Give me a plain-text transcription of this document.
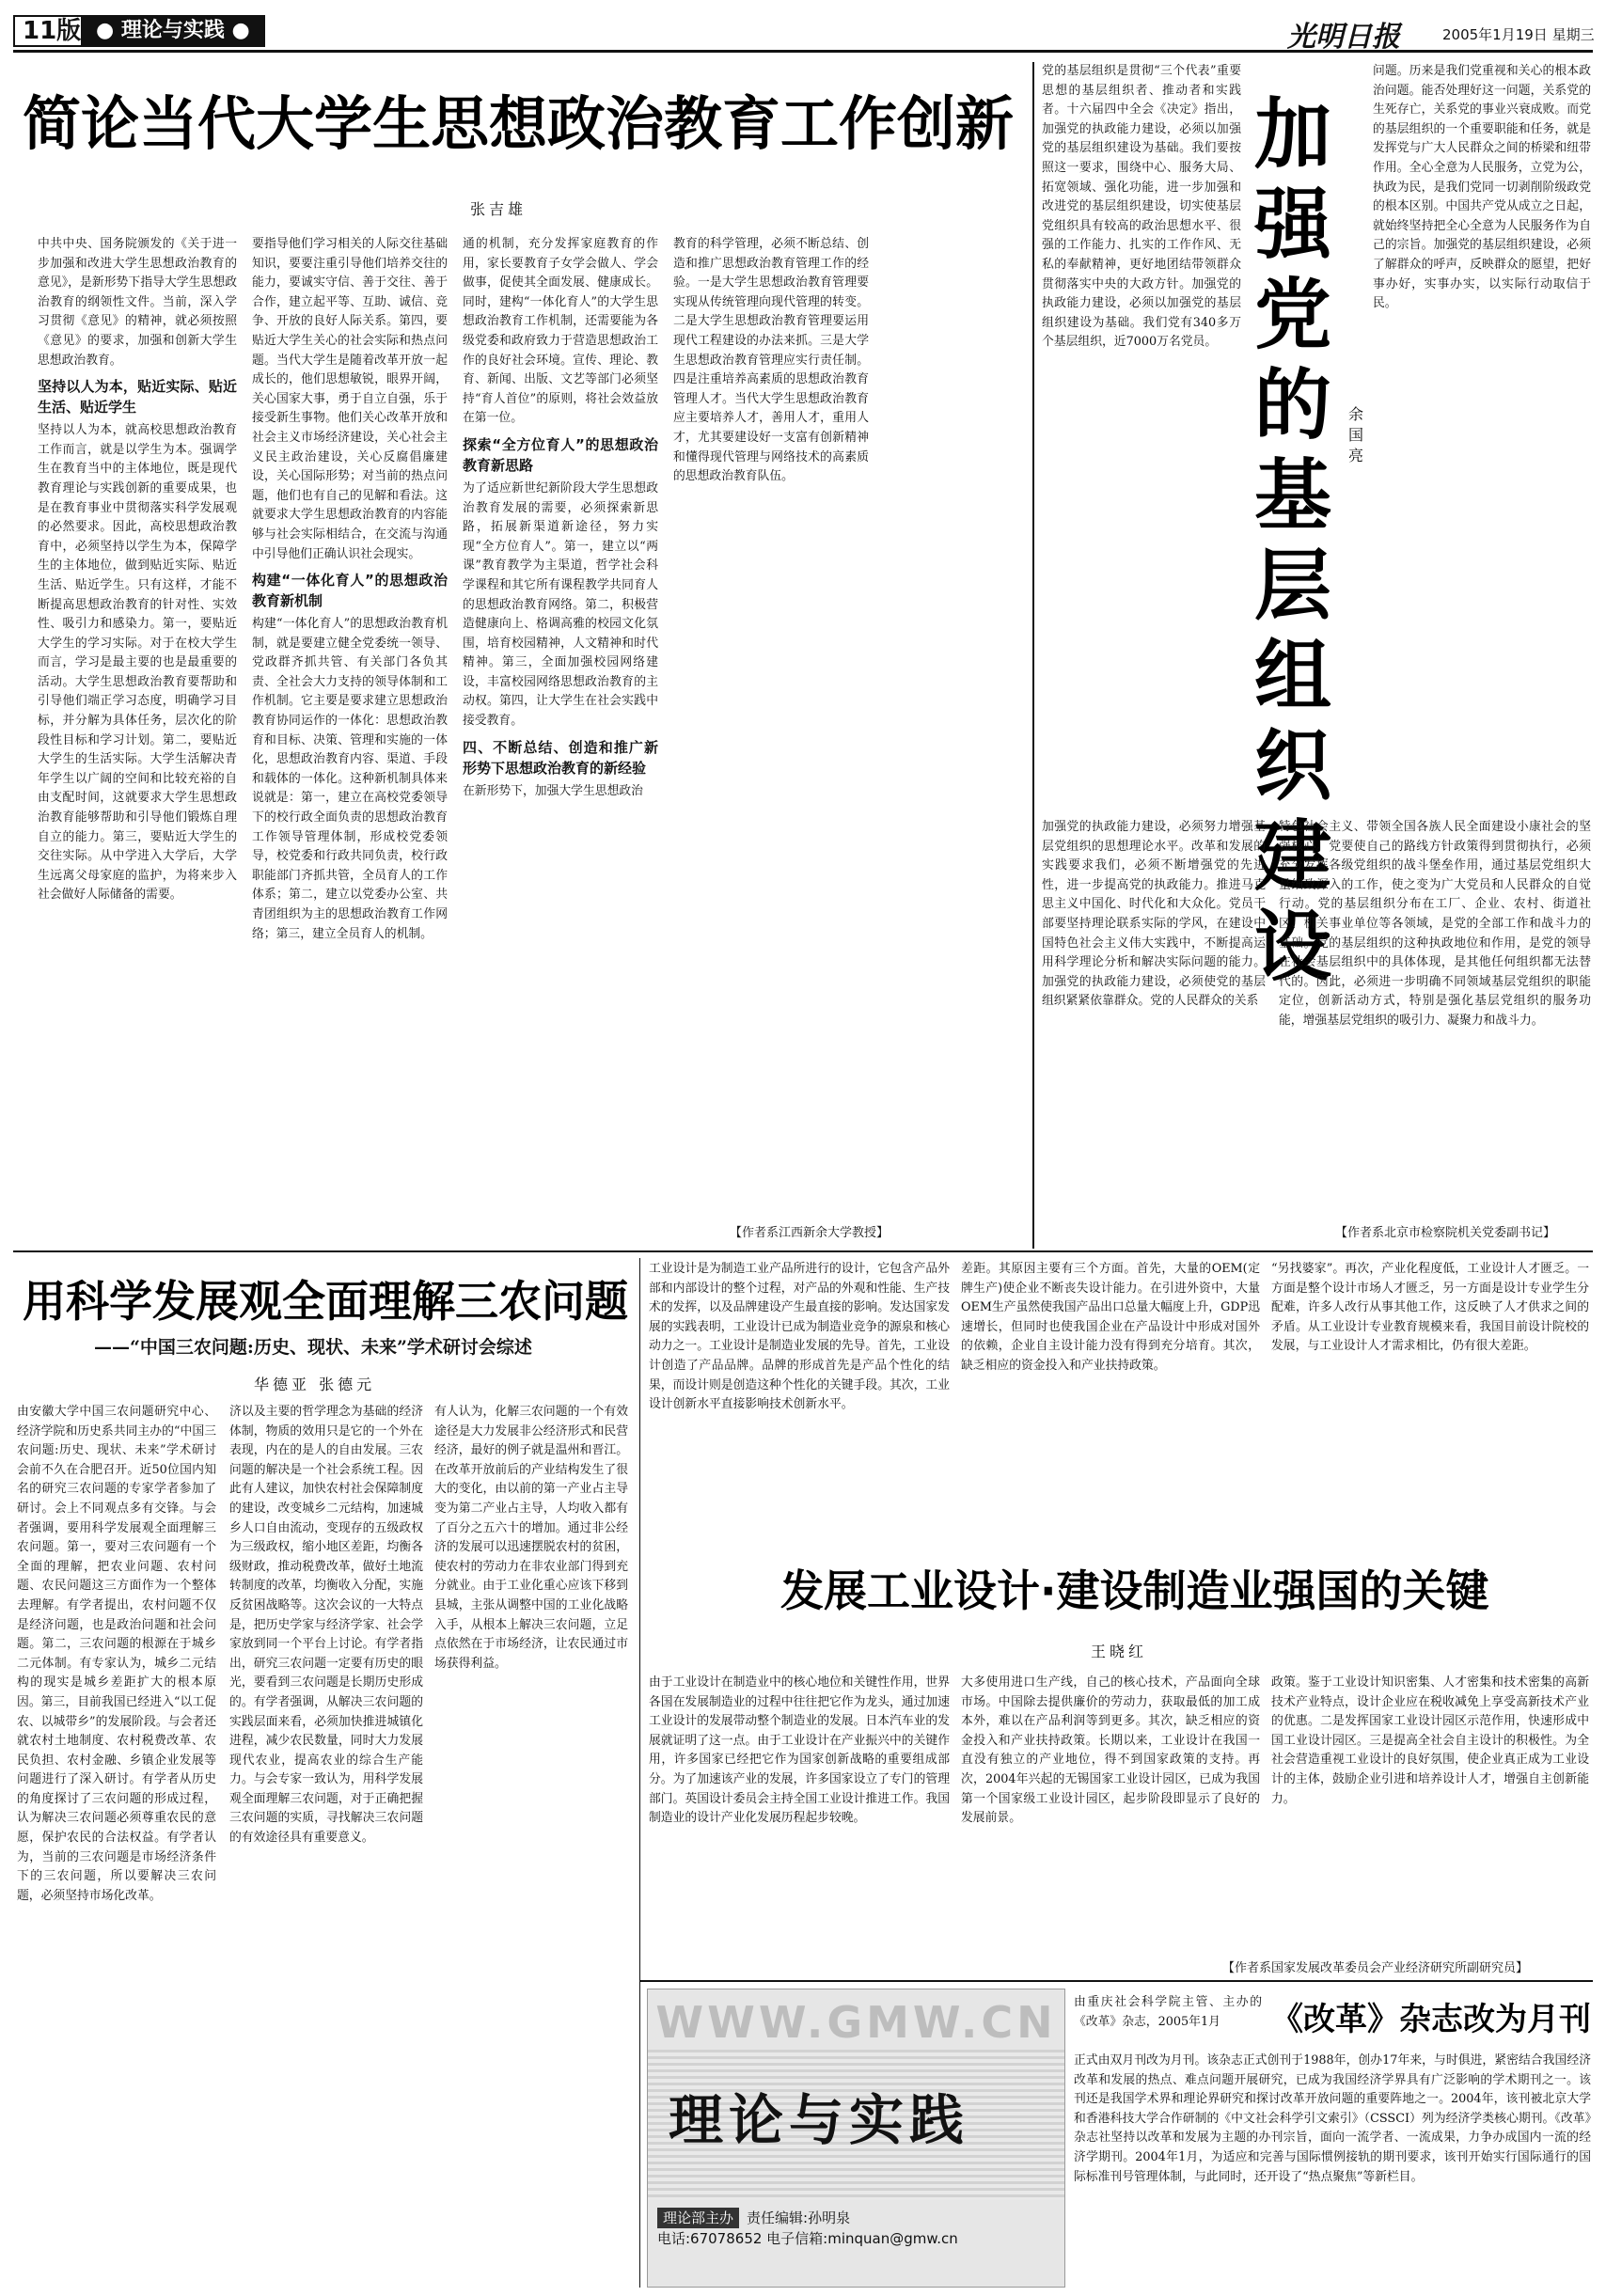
11版 ● 理论与实践 ●	光明日报	2005年1月19日 星期三
简论当代大学生思想政治教育工作创新
张吉雄

中共中央、国务院颁发的《关于进一步加强和改进大学生思想政治教育的意见》，是新形势下指导大学生思想政治教育的纲领性文件。当前，深入学习贯彻《意见》的精神，就必须按照《意见》的要求，加强和创新大学生思想政治教育。

坚持以人为本，贴近实际、贴近生活、贴近学生

坚持以人为本，就高校思想政治教育工作而言，就是以学生为本。强调学生在教育当中的主体地位，既是现代教育理论与实践创新的重要成果，也是在教育事业中贯彻落实科学发展观的必然要求。因此，高校思想政治教育中，必须坚持以学生为本，保障学生的主体地位，做到贴近实际、贴近生活、贴近学生。只有这样，才能不断提高思想政治教育的针对性、实效性、吸引力和感染力。第一，要贴近大学生的学习实际。对于在校大学生而言，学习是最主要的也是最重要的活动。大学生思想政治教育要帮助和引导他们端正学习态度，明确学习目标，并分解为具体任务，层次化的阶段性目标和学习计划。第二，要贴近大学生的生活实际。大学生活解决青年学生以广阔的空间和比较充裕的自由支配时间，这就要求大学生思想政治教育能够帮助和引导他们锻炼自理自立的能力。第三，要贴近大学生的交往实际。从中学进入大学后，大学生远离父母家庭的监护，为将来步入社会做好人际储备的需要。

要指导他们学习相关的人际交往基础知识，要要注重引导他们培养交往的能力，要诚实守信、善于交往、善于合作，建立起平等、互助、诚信、竞争、开放的良好人际关系。第四，要贴近大学生关心的社会实际和热点问题。当代大学生是随着改革开放一起成长的，他们思想敏锐，眼界开阔，关心国家大事，勇于自立自强，乐于接受新生事物。他们关心改革开放和社会主义市场经济建设，关心社会主义民主政治建设，关心反腐倡廉建设，关心国际形势；对当前的热点问题，他们也有自己的见解和看法。这就要求大学生思想政治教育的内容能够与社会实际相结合，在交流与沟通中引导他们正确认识社会现实。

构建“一体化育人”的思想政治教育新机制

构建“一体化育人”的思想政治教育机制，就是要建立健全党委统一领导、党政群齐抓共管、有关部门各负其责、全社会大力支持的领导体制和工作机制。它主要是要求建立思想政治教育协同运作的一体化：思想政治教育和目标、决策、管理和实施的一体化，思想政治教育内容、渠道、手段和载体的一体化。这种新机制具体来说就是：第一，建立在高校党委领导下的校行政全面负责的思想政治教育工作领导管理体制，形成校党委领导，校党委和行政共同负责，校行政职能部门齐抓共管，全员育人的工作体系；第二，建立以党委办公室、共青团组织为主的思想政治教育工作网络；第三，建立全员育人的机制。

通的机制，充分发挥家庭教育的作用，家长要教育子女学会做人、学会做事，促使其全面发展、健康成长。同时，建构“一体化育人”的大学生思想政治教育工作机制，还需要能为各级党委和政府致力于营造思想政治工作的良好社会环境。宣传、理论、教育、新闻、出版、文艺等部门必须坚持“育人首位”的原则，将社会效益放在第一位。

探索“全方位育人”的思想政治教育新思路

为了适应新世纪新阶段大学生思想政治教育发展的需要，必须探索新思路，拓展新渠道新途径，努力实现“全方位育人”。第一，建立以“两课”教育教学为主渠道，哲学社会科学课程和其它所有课程教学共同育人的思想政治教育网络。第二，积极营造健康向上、格调高雅的校园文化氛围，培育校园精神，人文精神和时代精神。第三，全面加强校园网络建设，丰富校园网络思想政治教育的主动权。第四，让大学生在社会实践中接受教育。

四、不断总结、创造和推广新形势下思想政治教育的新经验

在新形势下，加强大学生思想政治

教育的科学管理，必须不断总结、创造和推广思想政治教育管理工作的经验。一是大学生思想政治教育管理要实现从传统管理向现代管理的转变。二是大学生思想政治教育管理要运用现代工程建设的办法来抓。三是大学生思想政治教育管理应实行责任制。四是注重培养高素质的思想政治教育管理人才。当代大学生思想政治教育应主要培养人才，善用人才，重用人才，尤其要建设好一支富有创新精神和懂得现代管理与网络技术的高素质的思想政治教育队伍。

【作者系江西新余大学教授】
加强党的基层组织建设
余国亮

党的基层组织是贯彻“三个代表”重要思想的基层组织者、推动者和实践者。十六届四中全会《决定》指出，加强党的执政能力建设，必须以加强党的基层组织建设为基础。我们要按照这一要求，围绕中心、服务大局、拓宽领域、强化功能，进一步加强和改进党的基层组织建设，切实使基层党组织具有较高的政治思想水平、很强的工作能力、扎实的工作作风、无私的奉献精神，更好地团结带领群众贯彻落实中央的大政方针。加强党的执政能力建设，必须以加强党的基层组织建设为基础。我们党有340多万个基层组织，近7000万名党员。

问题。历来是我们党重视和关心的根本政治问题。能否处理好这一问题，关系党的生死存亡，关系党的事业兴衰成败。而党的基层组织的一个重要职能和任务，就是发挥党与广大人民群众之间的桥梁和纽带作用。全心全意为人民服务，立党为公，执政为民，是我们党同一切剥削阶级政党的根本区别。中国共产党从成立之日起，就始终坚持把全心全意为人民服务作为自己的宗旨。加强党的基层组织建设，必须了解群众的呼声，反映群众的愿望，把好事办好，实事办实，以实际行动取信于民。

加强党的执政能力建设，必须努力增强基层党组织的思想理论水平。改革和发展的实践要求我们，必须不断增强党的先进性，进一步提高党的执政能力。推进马克思主义中国化、时代化和大众化。党员干部要坚持理论联系实际的学风，在建设中国特色社会主义伟大实践中，不断提高运用科学理论分析和解决实际问题的能力。加强党的执政能力建设，必须使党的基层组织紧紧依靠群众。党的人民群众的关系

特色社会主义、带领全国各族人民全面建设小康社会的坚强核心。党要使自己的路线方针政策得到贯彻执行，必须充分发挥各级党组织的战斗堡垒作用，通过基层党组织大量细致深入的工作，使之变为广大党员和人民群众的自觉行动。党的基层组织分布在工厂、企业、农村、街道社区、机关事业单位等各领域，是党的全部工作和战斗力的基础。党的基层组织的这种执政地位和作用，是党的领导在社会基层组织中的具体体现，是其他任何组织都无法替代的。因此，必须进一步明确不同领域基层党组织的职能定位，创新活动方式，特别是强化基层党组织的服务功能，增强基层党组织的吸引力、凝聚力和战斗力。

【作者系北京市检察院机关党委副书记】
用科学发展观全面理解三农问题
——“中国三农问题:历史、现状、未来”学术研讨会综述
华德亚 张德元

由安徽大学中国三农问题研究中心、经济学院和历史系共同主办的“中国三农问题:历史、现状、未来”学术研讨会前不久在合肥召开。近50位国内知名的研究三农问题的专家学者参加了研讨。会上不同观点多有交锋。与会者强调，要用科学发展观全面理解三农问题。第一，要对三农问题有一个全面的理解，把农业问题、农村问题、农民问题这三方面作为一个整体去理解。有学者提出，农村问题不仅是经济问题，也是政治问题和社会问题。第二，三农问题的根源在于城乡二元体制。有专家认为，城乡二元结构的现实是城乡差距扩大的根本原因。第三，目前我国已经进入“以工促农、以城带乡”的发展阶段。与会者还就农村土地制度、农村税费改革、农民负担、农村金融、乡镇企业发展等问题进行了深入研讨。有学者从历史的角度探讨了三农问题的形成过程，认为解决三农问题必须尊重农民的意愿，保护农民的合法权益。有学者认为，当前的三农问题是市场经济条件下的三农问题，所以要解决三农问题，必须坚持市场化改革。

济以及主要的哲学理念为基础的经济体制，物质的效用只是它的一个外在表现，内在的是人的自由发展。三农问题的解决是一个社会系统工程。因此有人建议，加快农村社会保障制度的建设，改变城乡二元结构，加速城乡人口自由流动，变现存的五级政权为三级政权，缩小地区差距，均衡各级财政，推动税费改革，做好土地流转制度的改革，均衡收入分配，实施反贫困战略等。这次会议的一大特点是，把历史学家与经济学家、社会学家放到同一个平台上讨论。有学者指出，研究三农问题一定要有历史的眼光，要看到三农问题是长期历史形成的。有学者强调，从解决三农问题的实践层面来看，必须加快推进城镇化进程，减少农民数量，同时大力发展现代农业，提高农业的综合生产能力。与会专家一致认为，用科学发展观全面理解三农问题，对于正确把握三农问题的实质，寻找解决三农问题的有效途径具有重要意义。

有人认为，化解三农问题的一个有效途径是大力发展非公经济形式和民营经济，最好的例子就是温州和晋江。在改革开放前后的产业结构发生了很大的变化，由以前的第一产业占主导变为第二产业占主导，人均收入都有了百分之五六十的增加。通过非公经济的发展可以迅速摆脱农村的贫困，使农村的劳动力在非农业部门得到充分就业。由于工业化重心应该下移到县城，主张从调整中国的工业化战略入手，从根本上解决三农问题，立足点依然在于市场经济，让农民通过市场获得利益。

工业设计是为制造工业产品所进行的设计，它包含产品外部和内部设计的整个过程，对产品的外观和性能、生产技术的发挥，以及品牌建设产生最直接的影响。发达国家发展的实践表明，工业设计已成为制造业竞争的源泉和核心动力之一。工业设计是制造业发展的先导。首先，工业设计创造了产品品牌。品牌的形成首先是产品个性化的结果，而设计则是创造这种个性化的关键手段。其次，工业设计创新水平直接影响技术创新水平。

差距。其原因主要有三个方面。首先，大量的OEM(定牌生产)使企业不断丧失设计能力。在引进外资中，大量OEM生产虽然使我国产品出口总量大幅度上升，GDP迅速增长，但同时也使我国企业在产品设计中形成对国外的依赖，企业自主设计能力没有得到充分培育。其次，缺乏相应的资金投入和产业扶持政策。

“另找婆家”。再次，产业化程度低，工业设计人才匮乏。一方面是整个设计市场人才匮乏，另一方面是设计专业学生分配难，许多人改行从事其他工作，这反映了人才供求之间的矛盾。从工业设计专业教育规模来看，我国目前设计院校的发展，与工业设计人才需求相比，仍有很大差距。

发展工业设计·建设制造业强国的关键
王晓红

由于工业设计在制造业中的核心地位和关键性作用，世界各国在发展制造业的过程中往往把它作为龙头，通过加速工业设计的发展带动整个制造业的发展。日本汽车业的发展就证明了这一点。由于工业设计在产业振兴中的关键作用，许多国家已经把它作为国家创新战略的重要组成部分。为了加速该产业的发展，许多国家设立了专门的管理部门。英国设计委员会主持全国工业设计推进工作。我国制造业的设计产业化发展历程起步较晚。

大多使用进口生产线，自己的核心技术，产品面向全球市场。中国除去提供廉价的劳动力，获取最低的加工成本外，难以在产品利润等到更多。其次，缺乏相应的资金投入和产业扶持政策。长期以来，工业设计在我国一直没有独立的产业地位，得不到国家政策的支持。再次，2004年兴起的无锡国家工业设计园区，已成为我国第一个国家级工业设计园区，起步阶段即显示了良好的发展前景。

政策。鉴于工业设计知识密集、人才密集和技术密集的高新技术产业特点，设计企业应在税收减免上享受高新技术产业的优惠。二是发挥国家工业设计园区示范作用，快速形成中国工业设计园区。三是提高全社会自主设计的积极性。为全社会营造重视工业设计的良好氛围，使企业真正成为工业设计的主体，鼓励企业引进和培养设计人才，增强自主创新能力。

【作者系国家发展改革委员会产业经济研究所副研究员】
WWW.GMW.CN
理论与实践
理论部主办 责任编辑:孙明泉
电话:67078652 电子信箱:minquan@gmw.cn

由重庆社会科学院主管、主办的《改革》杂志，2005年1月	《改革》杂志改为月刊

正式由双月刊改为月刊。该杂志正式创刊于1988年，创办17年来，与时俱进，紧密结合我国经济改革和发展的热点、难点问题开展研究，已成为我国经济学界具有广泛影响的学术期刊之一。该刊还是我国学术界和理论界研究和探讨改革开放问题的重要阵地之一。2004年，该刊被北京大学和香港科技大学合作研制的《中文社会科学引文索引》（CSSCI）列为经济学类核心期刊。《改革》杂志社坚持以改革和发展为主题的办刊宗旨，面向一流学者、一流成果，力争办成国内一流的经济学期刊。2004年1月，为适应和完善与国际惯例接轨的期刊要求，该刊开始实行国际通行的国际标准刊号管理体制，与此同时，还开设了“热点聚焦”等新栏目。
